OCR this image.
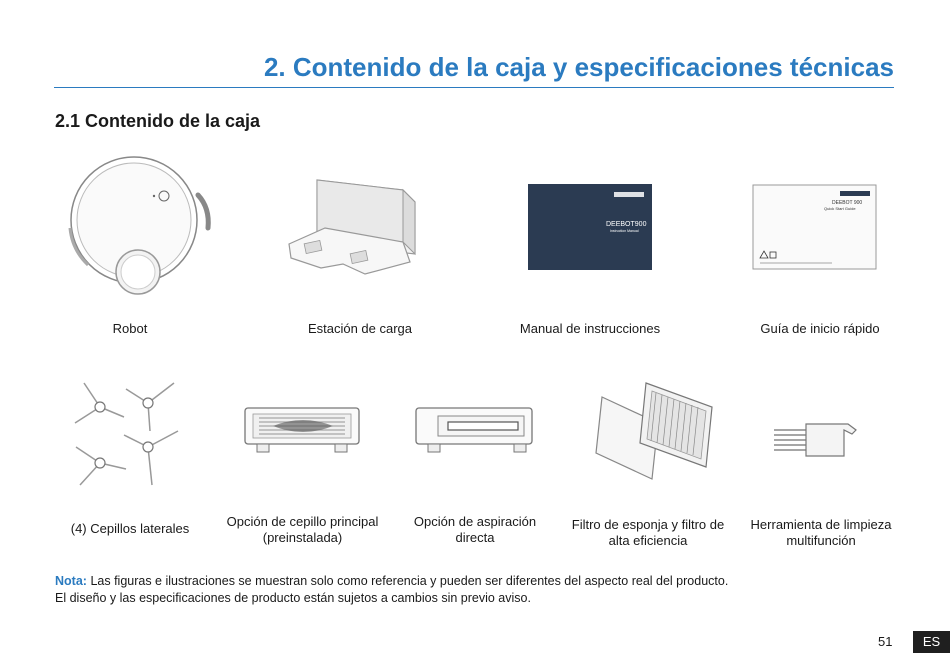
2. Contenido de la caja y especificaciones técnicas
2.1 Contenido de la caja
Robot	Estación de carga
DEEBOT900
Instruction Manual
Manual de instrucciones
DEEBOT 900
Quick Start Guide
Guía de inicio rápido
(4) Cepillos laterales	Opción de cepillo principal
(preinstalada)
Opción de aspiración
directa
Filtro de esponja y filtro de
alta eficiencia
Herramienta de limpieza
multifunción
Nota: Las figuras e ilustraciones se muestran solo como referencia y pueden ser diferentes del aspecto real del producto.
El diseño y las especificaciones de producto están sujetos a cambios sin previo aviso.
51	ES
